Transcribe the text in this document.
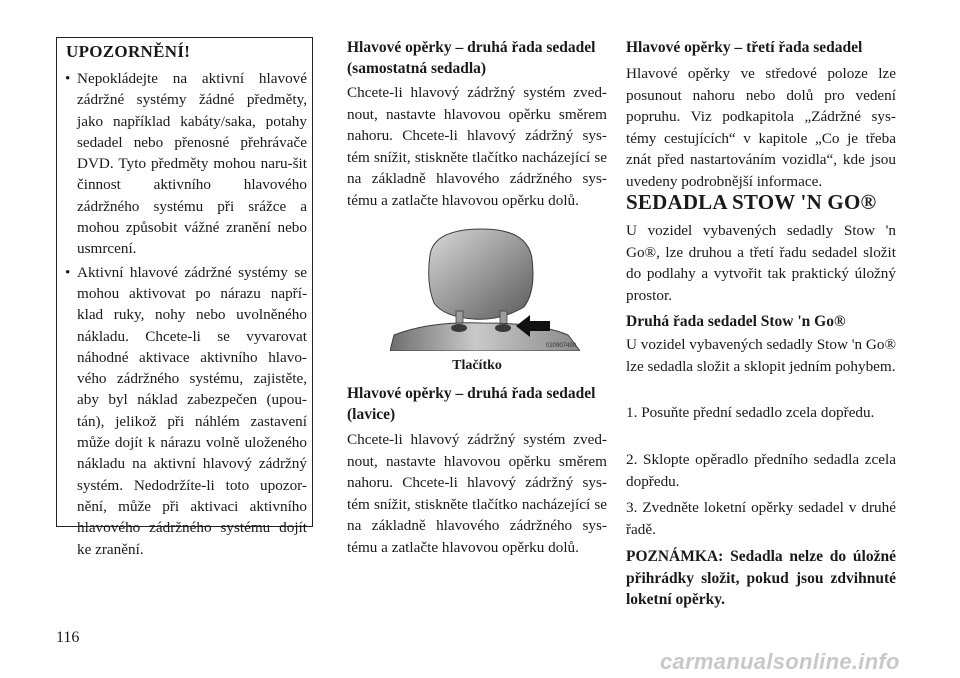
UPOZORNĚNÍ!
• Nepokládejte na aktivní hlavové zádržné systémy žádné předměty, jako například kabáty/saka, potahy sedadel nebo přenosné přehrávače DVD. Tyto předměty mohou naru-šit činnost aktivního hlavového zádržného systému při srážce a mohou způsobit vážné zranění nebo usmrcení.
• Aktivní hlavové zádržné systémy se mohou aktivovat po nárazu napří-klad ruky, nohy nebo uvolněného nákladu. Chcete-li se vyvarovat náhodné aktivace aktivního hlavo-vého zádržného systému, zajistěte, aby byl náklad zabezpečen (upou-tán), jelikož při náhlém zastavení může dojít k nárazu volně uloženého nákladu na aktivní hlavový zádržný systém. Nedodržíte-li toto upozor-nění, může při aktivaci aktivního hlavového zádržného systému dojít ke zranění.

Hlavové opěrky – druhá řada sedadel (samostatná sedadla)

Chcete-li hlavový zádržný systém zved-nout, nastavte hlavovou opěrku směrem nahoru. Chcete-li hlavový zádržný sys-tém snížit, stiskněte tlačítko nacházející se na základně hlavového zádržného sys-tému a zatlačte hlavovou opěrku dolů.

Hlavové opěrky – druhá řada sedadel (lavice)

Chcete-li hlavový zádržný systém zved-nout, nastavte hlavovou opěrku směrem nahoru. Chcete-li hlavový zádržný sys-tém snížit, stiskněte tlačítko nacházející se na základně hlavového zádržného sys-tému a zatlačte hlavovou opěrku dolů.

030907490
Tlačítko

Hlavové opěrky – třetí řada sedadel

Hlavové opěrky ve středové poloze lze posunout nahoru nebo dolů pro vedení popruhu. Viz podkapitola „Zádržné sys-témy cestujících“ v kapitole „Co je třeba znát před nastartováním vozidla“, kde jsou uvedeny podrobnější informace.

SEDADLA STOW 'N GO®

U vozidel vybavených sedadly Stow 'n Go®, lze druhou a třetí řadu sedadel složit do podlahy a vytvořit tak praktický úložný prostor.

Druhá řada sedadel Stow 'n Go®

U vozidel vybavených sedadly Stow 'n Go® lze sedadla složit a sklopit jedním pohybem.

1. Posuňte přední sedadlo zcela dopředu.

2. Sklopte opěradlo předního sedadla zcela dopředu.

3. Zvedněte loketní opěrky sedadel v druhé řadě.

POZNÁMKA: Sedadla nelze do úložné přihrádky složit, pokud jsou zdvihnuté loketní opěrky.

116
carmanualsonline.info
